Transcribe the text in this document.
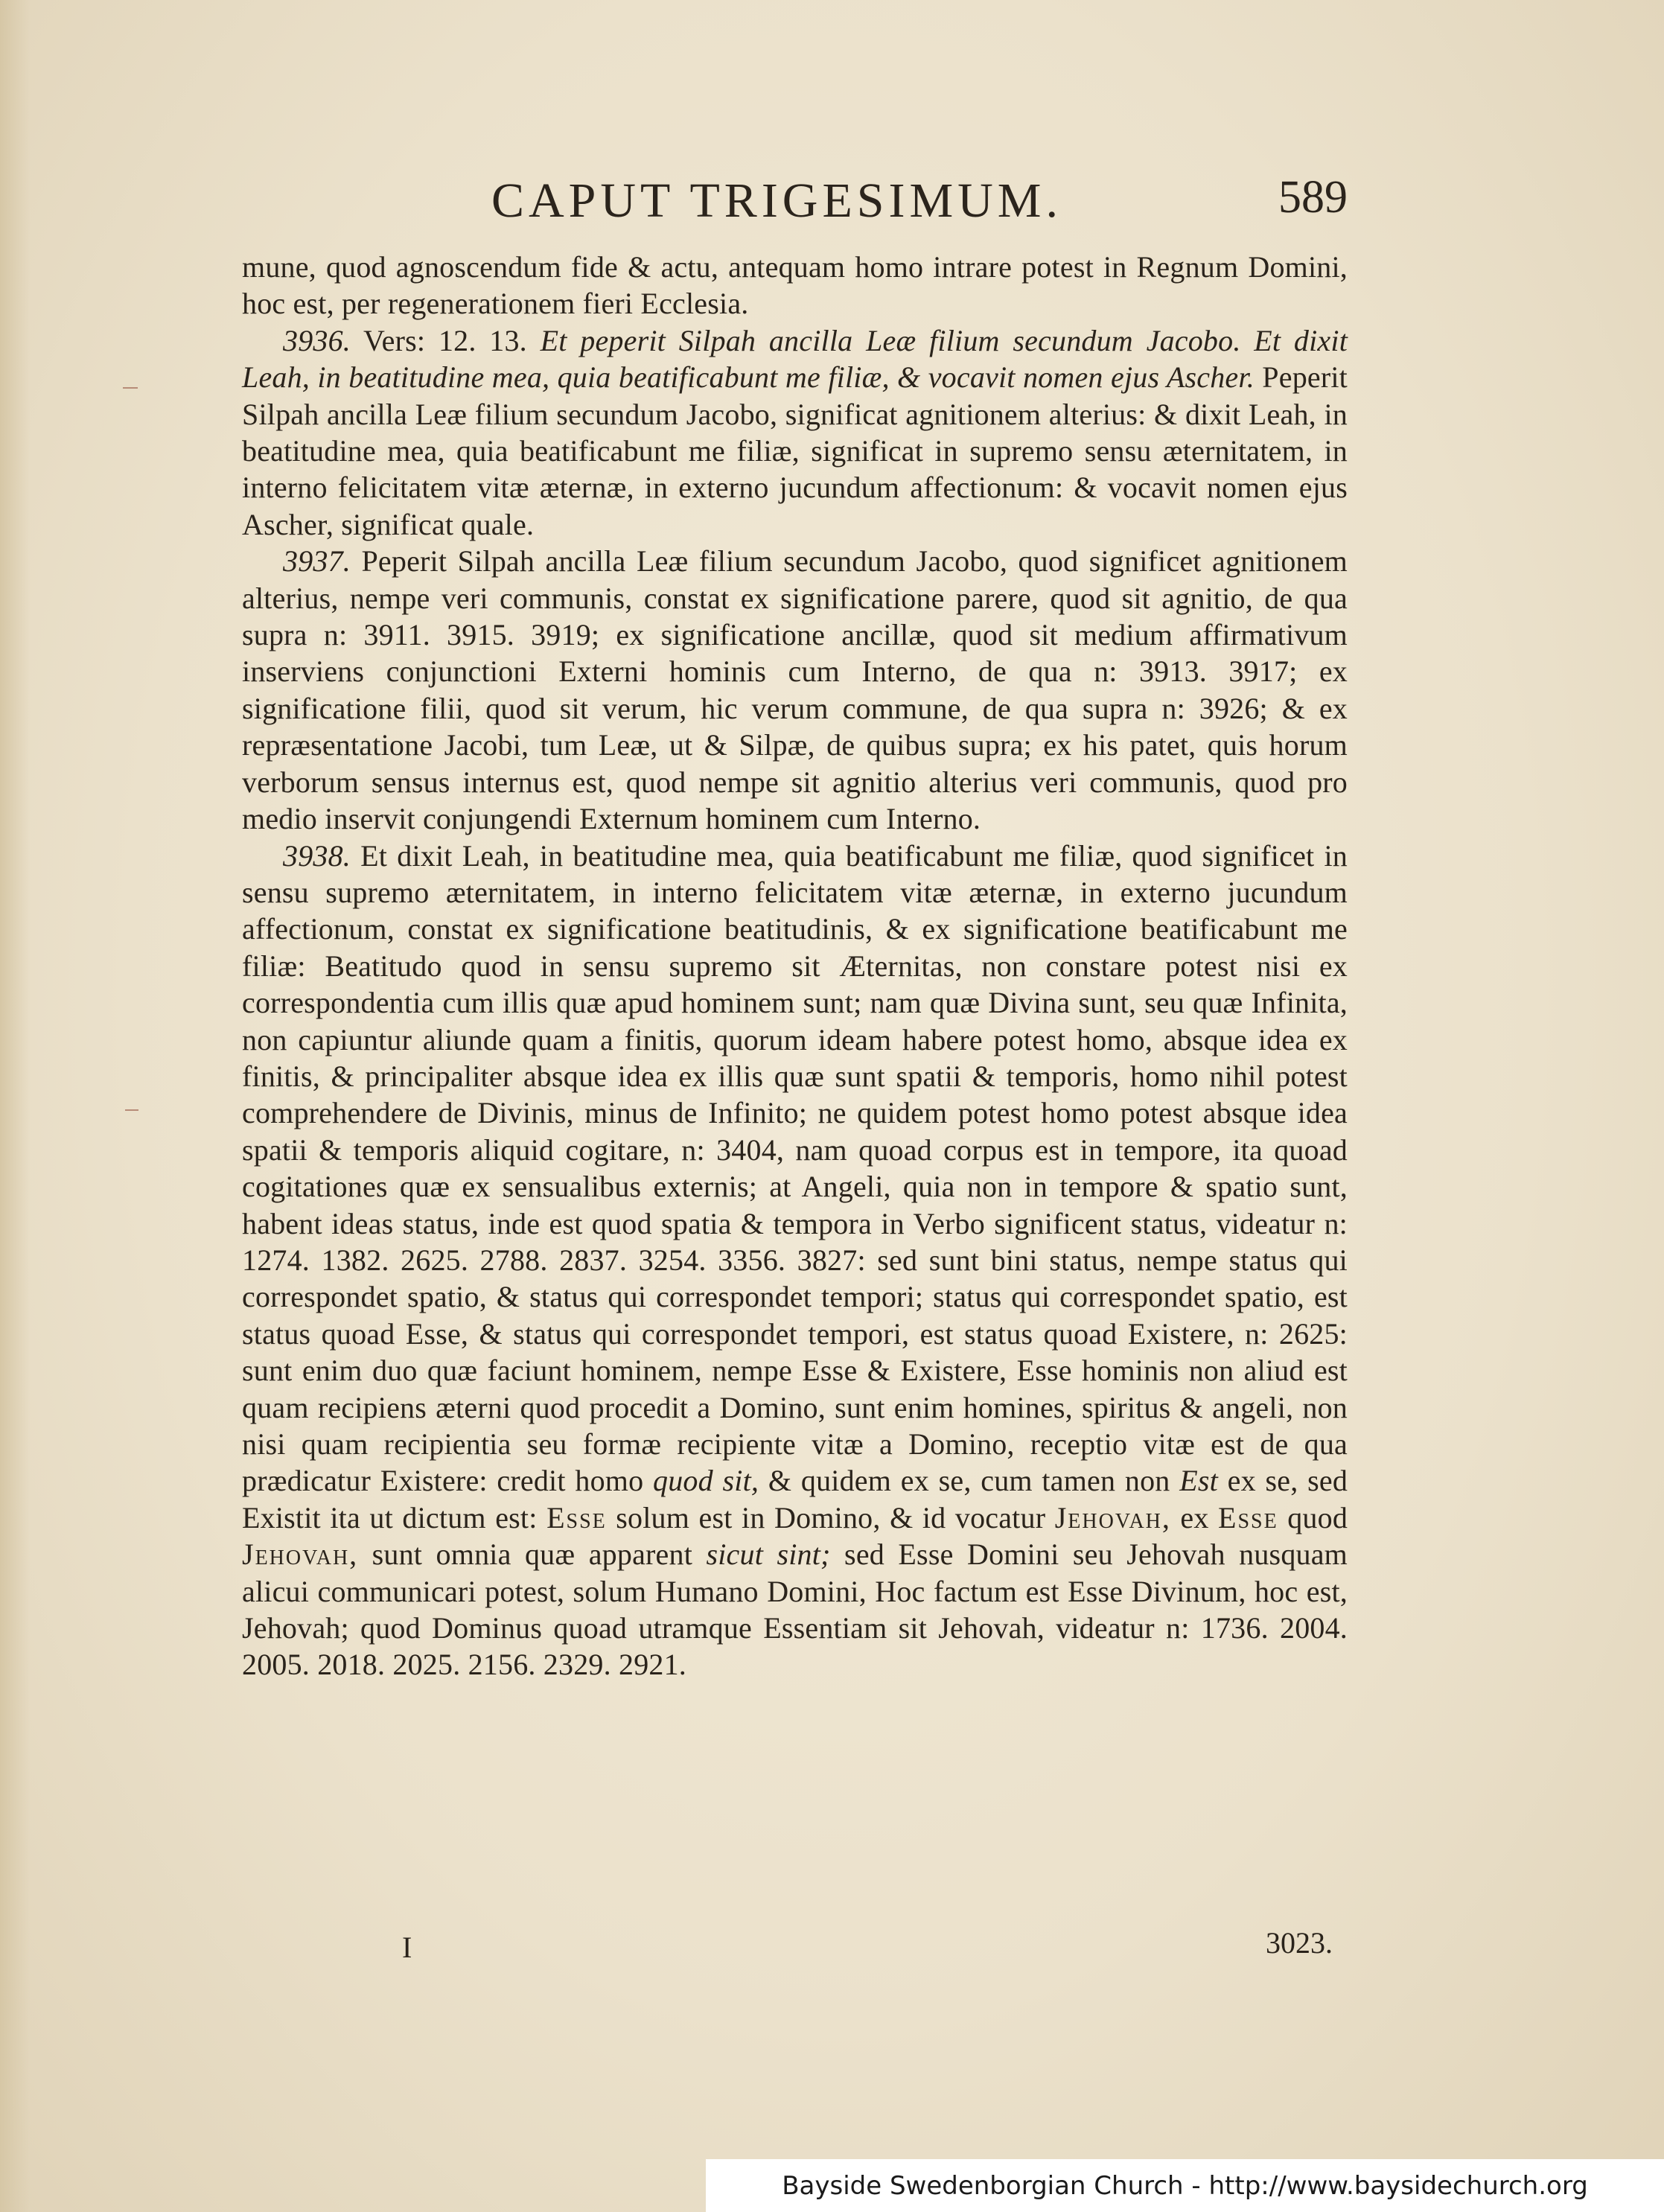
CAPUT TRIGESIMUM.	589

mune, quod agnoscendum fide & actu, antequam homo intrare potest in Regnum Domini, hoc est, per regenerationem fieri Ecclesia.

3936. Vers: 12. 13. Et peperit Silpah ancilla Leæ filium secundum Jacobo. Et dixit Leah, in beatitudine mea, quia beatificabunt me filiæ, & vocavit nomen ejus Ascher. Peperit Silpah ancilla Leæ filium secundum Jacobo, significat agnitionem alterius: & dixit Leah, in beatitudine mea, quia beatificabunt me filiæ, significat in supremo sensu æternitatem, in interno felicitatem vitæ æternæ, in externo jucundum affectionum: & vocavit nomen ejus Ascher, significat quale.

3937. Peperit Silpah ancilla Leæ filium secundum Jacobo, quod significet agnitionem alterius, nempe veri communis, constat ex significatione parere, quod sit agnitio, de qua supra n: 3911. 3915. 3919; ex significatione ancillæ, quod sit medium affirmativum inserviens conjunctioni Externi hominis cum Interno, de qua n: 3913. 3917; ex significatione filii, quod sit verum, hic verum commune, de qua supra n: 3926; & ex repræsentatione Jacobi, tum Leæ, ut & Silpæ, de quibus supra; ex his patet, quis horum verborum sensus internus est, quod nempe sit agnitio alterius veri communis, quod pro medio inservit conjungendi Externum hominem cum Interno.

3938. Et dixit Leah, in beatitudine mea, quia beatificabunt me filiæ, quod significet in sensu supremo æternitatem, in interno felicitatem vitæ æternæ, in externo jucundum affectionum, constat ex significatione beatitudinis, & ex significatione beatificabunt me filiæ: Beatitudo quod in sensu supremo sit Æternitas, non constare potest nisi ex correspondentia cum illis quæ apud hominem sunt; nam quæ Divina sunt, seu quæ Infinita, non capiuntur aliunde quam a finitis, quorum ideam habere potest homo, absque idea ex finitis, & principaliter absque idea ex illis quæ sunt spatii & temporis, homo nihil potest comprehendere de Divinis, minus de Infinito; ne quidem potest homo potest absque idea spatii & temporis aliquid cogitare, n: 3404, nam quoad corpus est in tempore, ita quoad cogitationes quæ ex sensualibus externis; at Angeli, quia non in tempore & spatio sunt, habent ideas status, inde est quod spatia & tempora in Verbo significent status, videatur n: 1274. 1382. 2625. 2788. 2837. 3254. 3356. 3827: sed sunt bini status, nempe status qui correspondet spatio, & status qui correspondet tempori; status qui correspondet spatio, est status quoad Esse, & status qui correspondet tempori, est status quoad Existere, n: 2625: sunt enim duo quæ faciunt hominem, nempe Esse & Existere, Esse hominis non aliud est quam recipiens æterni quod procedit a Domino, sunt enim homines, spiritus & angeli, non nisi quam recipientia seu formæ recipiente vitæ a Domino, receptio vitæ est de qua prædicatur Existere: credit homo quod sit, & quidem ex se, cum tamen non Est ex se, sed Existit ita ut dictum est: Esse solum est in Domino, & id vocatur Jehovah, ex Esse quod Jehovah, sunt omnia quæ apparent sicut sint; sed Esse Domini seu Jehovah nusquam alicui communicari potest, solum Humano Domini, Hoc factum est Esse Divinum, hoc est, Jehovah; quod Dominus quoad utramque Essentiam sit Jehovah, videatur n: 1736. 2004. 2005. 2018. 2025. 2156. 2329. 2921.

I	3023.
Bayside Swedenborgian Church - http://www.baysidechurch.org
